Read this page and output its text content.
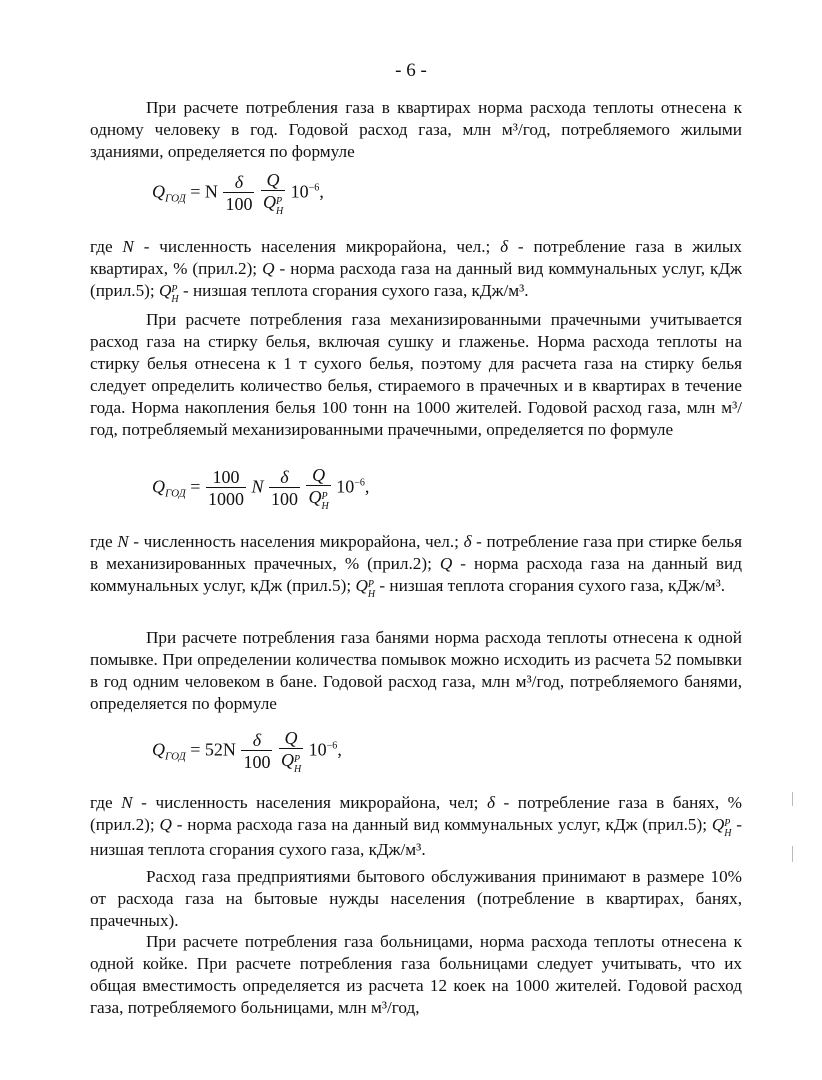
- 6 -

При расчете потребления газа в квартирах норма расхода теплоты отнесена к одному человеку в год. Годовой расход газа, млн м³/год, потребляемого жилыми зданиями, определяется по формуле

$Q_{ГОД} = N \frac{\delta}{100}$
Q
Q P
H $10^{-6}$,

где N - численность населения микрорайона, чел.; δ - потребление газа в жилых квартирах, % (прил.2); Q - норма расхода газа на данный вид коммунальных услуг, кДж (прил.5); Q P
H - низшая теплота сгорания сухого газа, кДж/м³.

При расчете потребления газа механизированными прачечными учитывается расход газа на стирку белья, включая сушку и глаженье. Норма расхода теплоты на стирку белья отнесена к 1 т сухого белья, поэтому для расчета газа на стирку белья следует определить количество белья, стираемого в прачечных и в квартирах в течение года. Норма накопления белья 100 тонн на 1000 жителей. Годовой расход газа, млн м³/год, потребляемый механизированными прачечными, определяется по формуле

$Q_{ГОД} = \frac{100}{1000}$ N $\frac{\delta}{100}$
Q
Q P
H $10^{-6}$,

где N - численность населения микрорайона, чел.; δ - потребление газа при стирке белья в механизированных прачечных, % (прил.2); Q - норма расхода газа на данный вид коммунальных услуг, кДж (прил.5); Q P
H - низшая теплота сгорания сухого газа, кДж/м³.

При расчете потребления газа банями норма расхода теплоты отнесена к одной помывке. При определении количества помывок можно исходить из расчета 52 помывки в год одним человеком в бане. Годовой расход газа, млн м³/год, потребляемого банями, определяется по формуле

$Q_{ГОД} = 52N \frac{\delta}{100}$
Q
Q P
H $10^{-6}$,

где N - численность населения микрорайона, чел; δ - потребление газа в банях, % (прил.2); Q - норма расхода газа на данный вид коммунальных услуг, кДж (прил.5); Q P
H - низшая теплота сгорания сухого газа, кДж/м³.

Расход газа предприятиями бытового обслуживания принимают в размере 10% от расхода газа на бытовые нужды населения (потребление в квартирах, банях, прачечных).

При расчете потребления газа больницами, норма расхода теплоты отнесена к одной койке. При расчете потребления газа больницами следует учитывать, что их общая вместимость определяется из расчета 12 коек на 1000 жителей. Годовой расход газа, потребляемого больницами, млн м³/год,
